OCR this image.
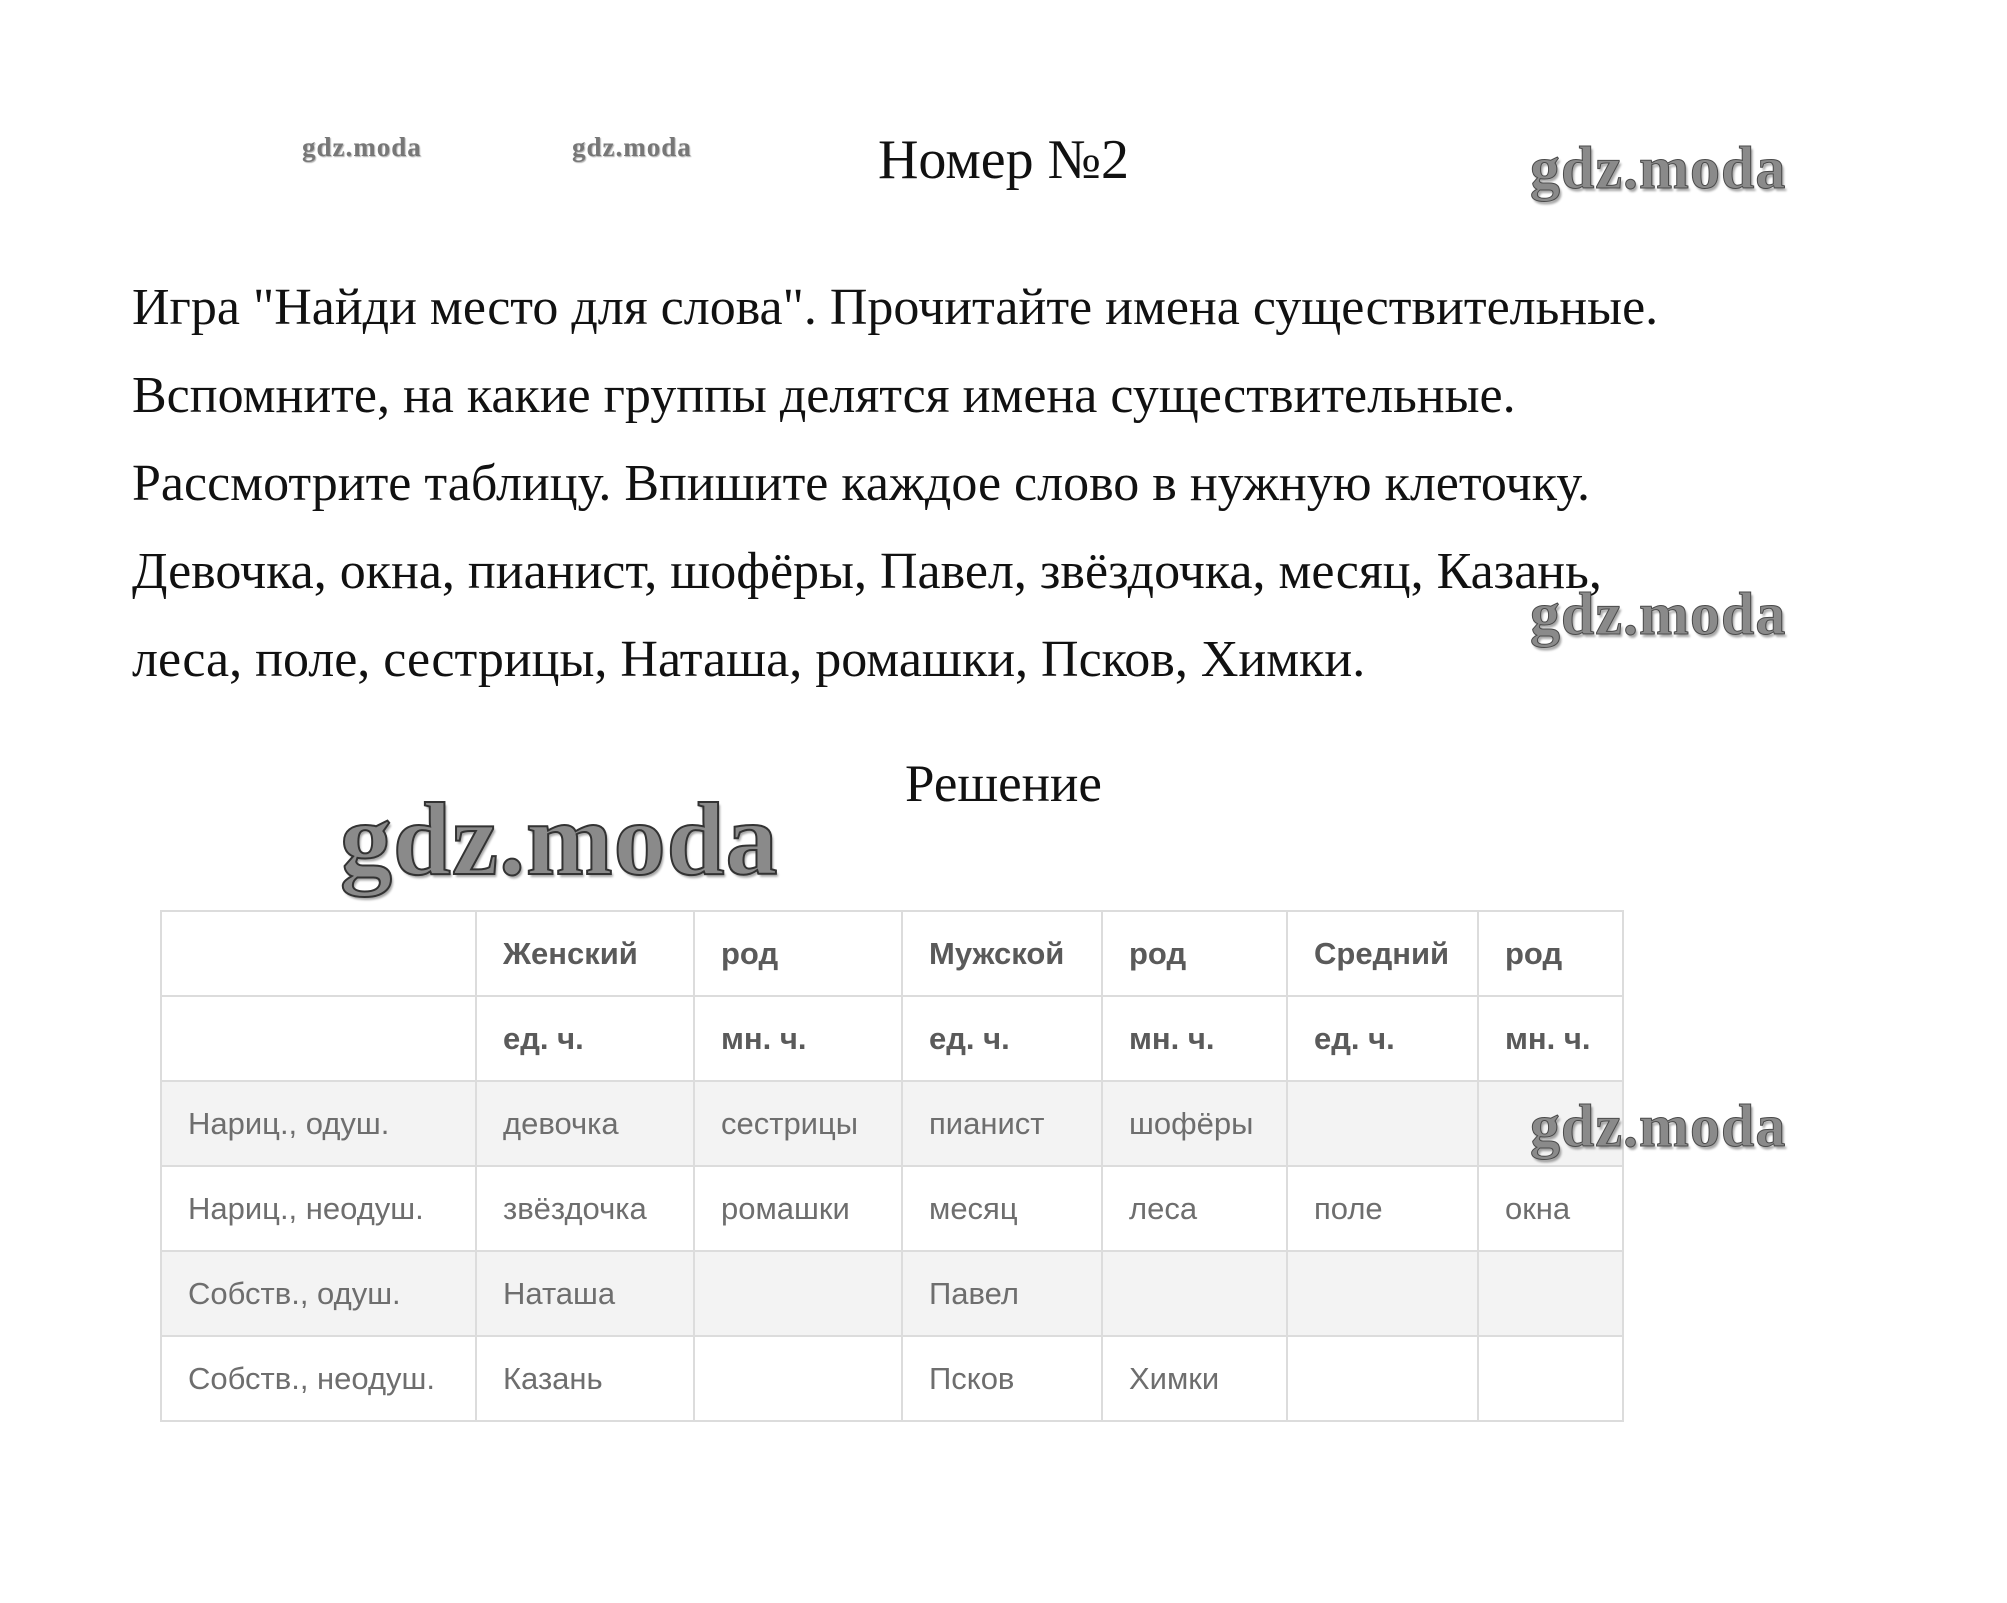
Номер №2

Игра "Найди место для слова". Прочитайте имена существительные.

Вспомните, на какие группы делятся имена существительные.

Рассмотрите таблицу. Впишите каждое слово в нужную клеточку.

Девочка, окна, пианист, шофёры, Павел, звёздочка, месяц, Казань,

леса, поле, сестрицы, Наташа, ромашки, Псков, Химки.

Решение
	Женский	род	Мужской	род	Средний	род
	ед. ч.	мн. ч.	ед. ч.	мн. ч.	ед. ч.	мн. ч.
Нариц., одуш.	девочка	сестрицы	пианист	шофёры		
Нариц., неодуш.	звёздочка	ромашки	месяц	леса	поле	окна
Собств., одуш.	Наташа		Павел			
Собств., неодуш.	Казань		Псков	Химки		
gdz.moda	gdz.moda	gdz.moda
gdz.moda
gdz.moda
gdz.moda
